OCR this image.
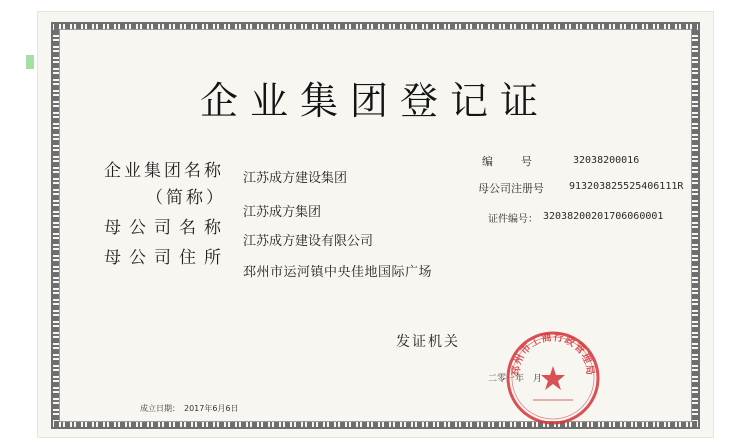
企业集团登记证
企业集团名称
（简称）
母公司名称
母公司住所
江苏成方建设集团
江苏成方集团
江苏成方建设有限公司
邳州市运河镇中央佳地国际广场
编　　号	32038200016
母公司注册号	913203825525406111R
证件编号： 32038200201706060001
发证机关
二零一年　月
成立日期：　2017年6月6日
邳州市工商行政管理局
